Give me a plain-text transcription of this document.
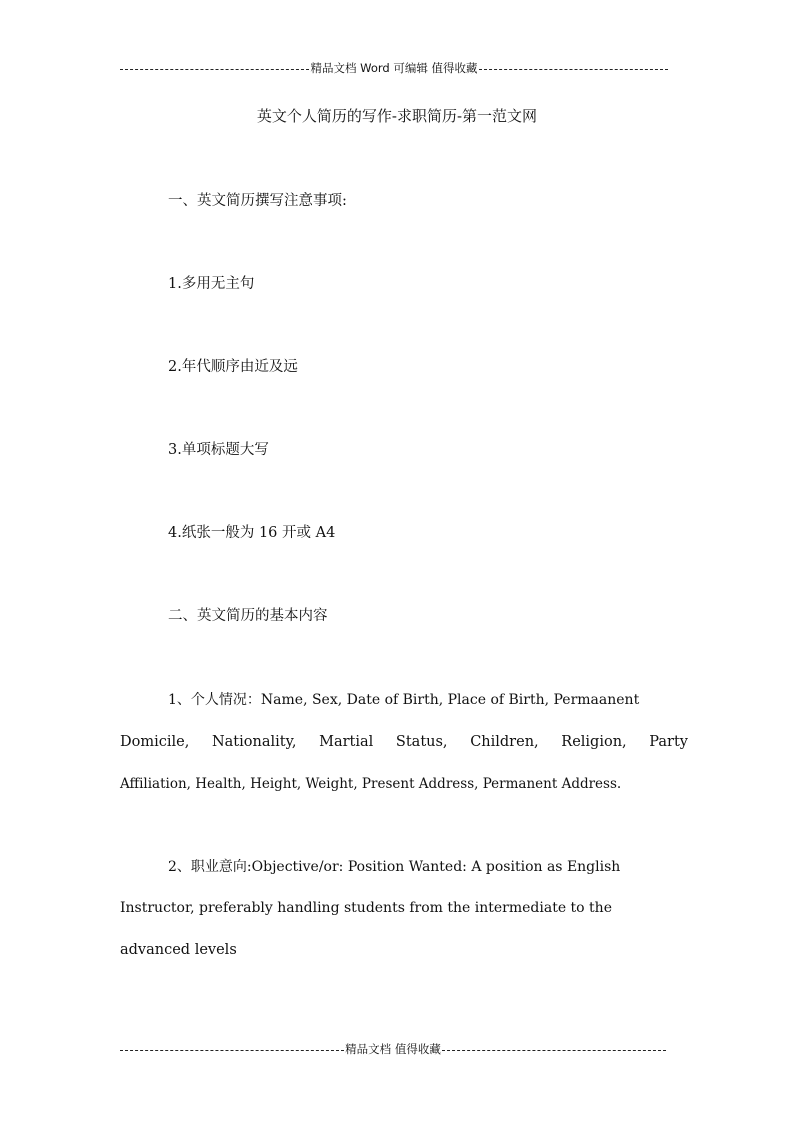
精品文档 Word 可编辑 值得收藏
英文个人简历的写作-求职简历-第一范文网
一、英文简历撰写注意事项:
1.多用无主句
2.年代顺序由近及远
3.单项标题大写
4.纸张一般为 16 开或 A4
二、英文简历的基本内容
1、个人情况：Name, Sex, Date of Birth, Place of Birth, Permaanent
Domicile, Nationality, Martial Status, Children, Religion, Party
Affiliation, Health, Height, Weight, Present Address, Permanent Address.
2、职业意向:Objective/or: Position Wanted: A position as English
Instructor, preferably handling students from the intermediate to the
advanced levels
精品文档 值得收藏
